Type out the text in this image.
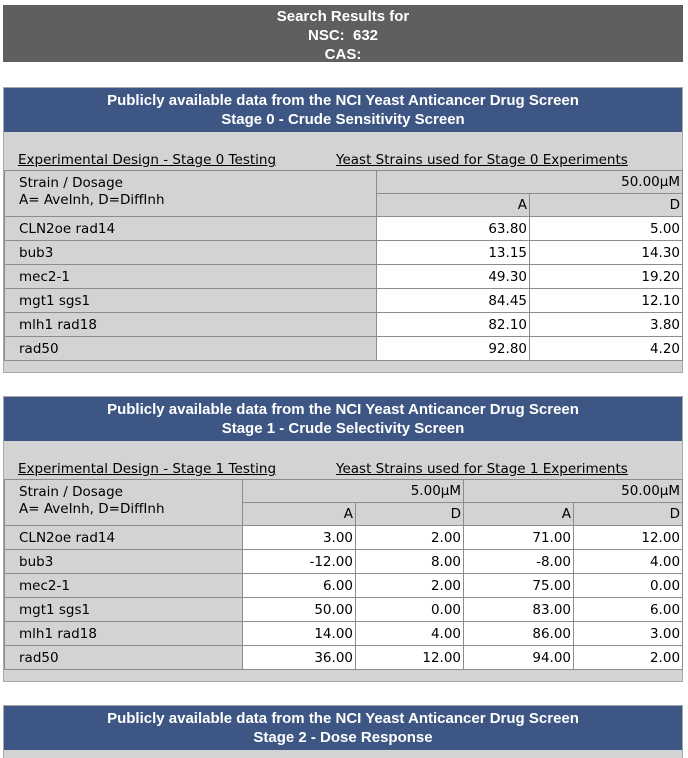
Search Results for
NSC:  632
CAS:
Publicly available data from the NCI Yeast Anticancer Drug Screen
Stage 0 - Crude Sensitivity Screen
Experimental Design - Stage 0 Testing	Yeast Strains used for Stage 0 Experiments
Strain / Dosage
A= AveInh, D=DiffInh	50.00µM	
	A	D
CLN2oe rad14	63.80	5.00
bub3	13.15	14.30
mec2-1	49.30	19.20
mgt1 sgs1	84.45	12.10
mlh1 rad18	82.10	3.80
rad50	92.80	4.20
Publicly available data from the NCI Yeast Anticancer Drug Screen
Stage 1 - Crude Selectivity Screen
Experimental Design - Stage 1 Testing	Yeast Strains used for Stage 1 Experiments
Strain / Dosage
A= AveInh, D=DiffInh	5.00µM		50.00µM	
	A	D	A	D
CLN2oe rad14	3.00	2.00	71.00	12.00
bub3	-12.00	8.00	-8.00	4.00
mec2-1	6.00	2.00	75.00	0.00
mgt1 sgs1	50.00	0.00	83.00	6.00
mlh1 rad18	14.00	4.00	86.00	3.00
rad50	36.00	12.00	94.00	2.00
Publicly available data from the NCI Yeast Anticancer Drug Screen
Stage 2 - Dose Response
